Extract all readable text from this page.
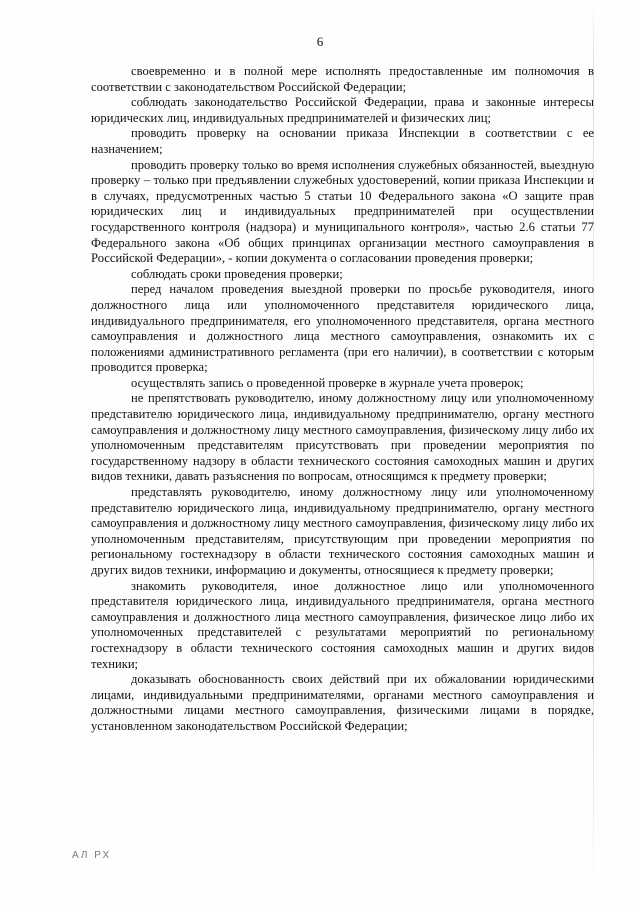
6

своевременно и в полной мере исполнять предоставленные им полномочия в соответствии с законодательством Российской Федерации;

соблюдать законодательство Российской Федерации, права и законные интересы юридических лиц, индивидуальных предпринимателей и физических лиц;

проводить проверку на основании приказа Инспекции в соответствии с ее назначением;

проводить проверку только во время исполнения служебных обязанностей, выездную проверку – только при предъявлении служебных удостоверений, копии приказа Инспекции и в случаях, предусмотренных частью 5 статьи 10 Федерального закона «О защите прав юридических лиц и индивидуальных предпринимателей при осуществлении государственного контроля (надзора) и муниципального контроля», частью 2.6 статьи 77 Федерального закона «Об общих принципах организации местного самоуправления в Российской Федерации», - копии документа о согласовании проведения проверки;

соблюдать сроки проведения проверки;

перед началом проведения выездной проверки по просьбе руководителя, иного должностного лица или уполномоченного представителя юридического лица, индивидуального предпринимателя, его уполномоченного представителя, органа местного самоуправления и должностного лица местного самоуправления, ознакомить их с положениями административного регламента (при его наличии), в соответствии с которым проводится проверка;

осуществлять запись о проведенной проверке в журнале учета проверок;

не препятствовать руководителю, иному должностному лицу или уполномоченному представителю юридического лица, индивидуальному предпринимателю, органу местного самоуправления и должностному лицу местного самоуправления, физическому лицу либо их уполномоченным представителям присутствовать при проведении мероприятия по государственному надзору в области технического состояния самоходных машин и других видов техники, давать разъяснения по вопросам, относящимся к предмету проверки;

представлять руководителю, иному должностному лицу или уполномоченному представителю юридического лица, индивидуальному предпринимателю, органу местного самоуправления и должностному лицу местного самоуправления, физическому лицу либо их уполномоченным представителям, присутствующим при проведении мероприятия по региональному гостехнадзору в области технического состояния самоходных машин и других видов техники, информацию и документы, относящиеся к предмету проверки;

знакомить руководителя, иное должностное лицо или уполномоченного представителя юридического лица, индивидуального предпринимателя, органа местного самоуправления и должностного лица местного самоуправления, физическое лицо либо их уполномоченных представителей с результатами мероприятий по региональному гостехнадзору в области технического состояния самоходных машин и других видов техники;

доказывать обоснованность своих действий при их обжаловании юридическими лицами, индивидуальными предпринимателями, органами местного самоуправления и должностными лицами местного самоуправления, физическими лицами в порядке, установленном законодательством Российской Федерации;

АЛ РХ
